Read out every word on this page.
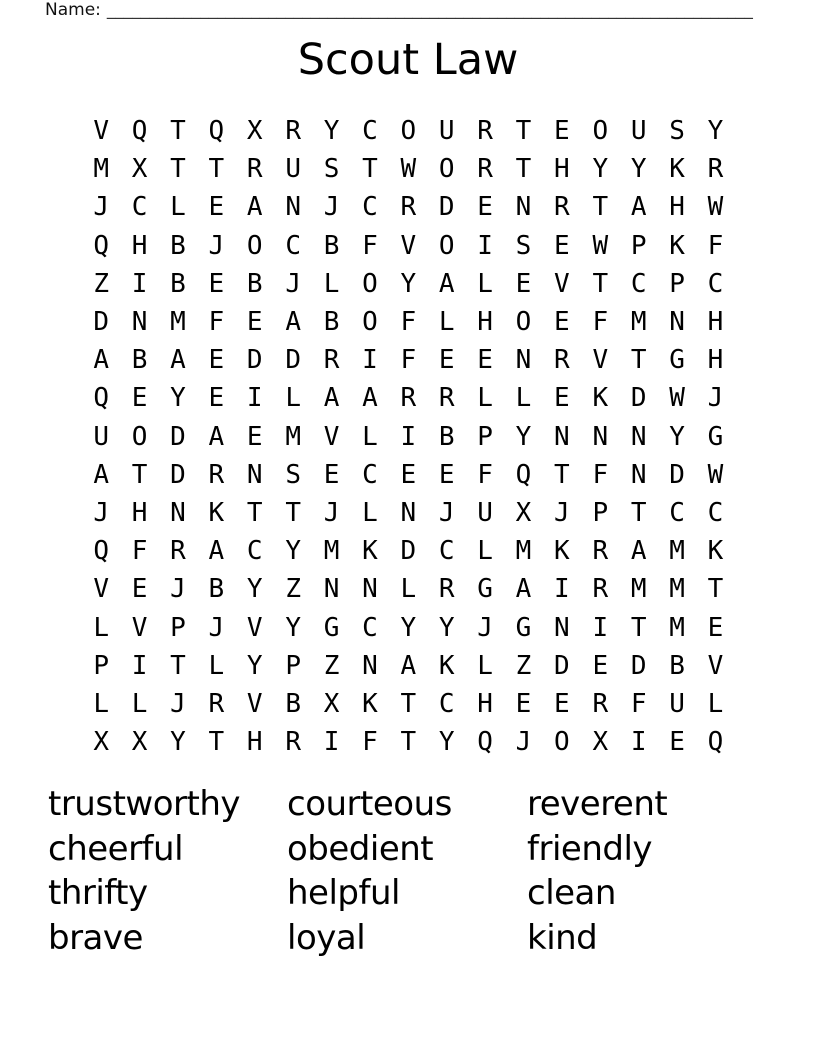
Name: ____________________________________________________________________________
Scout Law
V Q T Q X R Y C O U R T E O U S Y
M X T T R U S T W O R T H Y Y K R
J C L E A N J C R D E N R T A H W
Q H B J O C B F V O I S E W P K F
Z I B E B J L O Y A L E V T C P C
D N M F E A B O F L H O E F M N H
A B A E D D R I F E E N R V T G H
Q E Y E I L A A R R L L E K D W J
U O D A E M V L I B P Y N N N Y G
A T D R N S E C E E F Q T F N D W
J H N K T T J L N J U X J P T C C
Q F R A C Y M K D C L M K R A M K
V E J B Y Z N N L R G A I R M M T
L V P J V Y G C Y Y J G N I T M E
P I T L Y P Z N A K L Z D E D B V
L L J R V B X K T C H E E R F U L
X X Y T H R I F T Y Q J O X I E Q
trustworthy
cheerful
thrifty
brave
courteous
obedient
helpful
loyal
reverent
friendly
clean
kind
